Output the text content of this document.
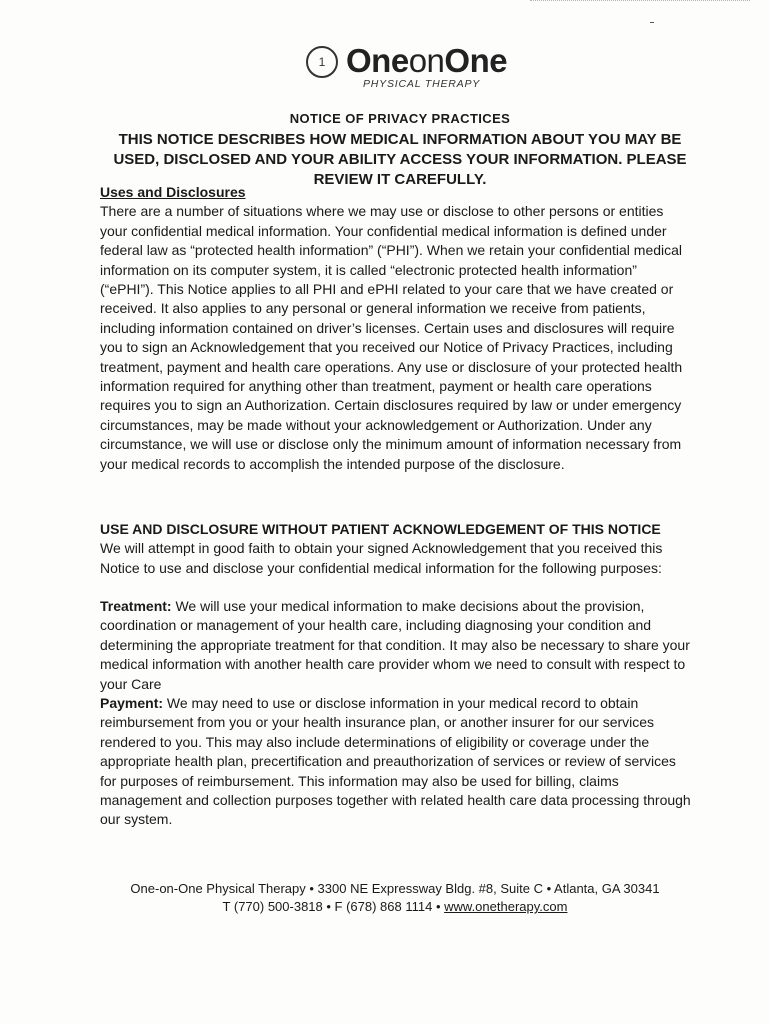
1 OneonOne
PHYSICAL THERAPY
NOTICE OF PRIVACY PRACTICES
THIS NOTICE DESCRIBES HOW MEDICAL INFORMATION ABOUT YOU MAY BE USED, DISCLOSED AND YOUR ABILITY ACCESS YOUR INFORMATION. PLEASE REVIEW IT CAREFULLY.
Uses and Disclosures
There are a number of situations where we may use or disclose to other persons or entities your confidential medical information. Your confidential medical information is defined under federal law as “protected health information” (“PHI”). When we retain your confidential medical information on its computer system, it is called “electronic protected health information” (“ePHI”). This Notice applies to all PHI and ePHI related to your care that we have created or received. It also applies to any personal or general information we receive from patients, including information contained on driver’s licenses. Certain uses and disclosures will require you to sign an Acknowledgement that you received our Notice of Privacy Practices, including treatment, payment and health care operations. Any use or disclosure of your protected health information required for anything other than treatment, payment or health care operations requires you to sign an Authorization. Certain disclosures required by law or under emergency circumstances, may be made without your acknowledgement or Authorization. Under any circumstance, we will use or disclose only the minimum amount of information necessary from your medical records to accomplish the intended purpose of the disclosure.
USE AND DISCLOSURE WITHOUT PATIENT ACKNOWLEDGEMENT OF THIS NOTICE
We will attempt in good faith to obtain your signed Acknowledgement that you received this Notice to use and disclose your confidential medical information for the following purposes:
Treatment: We will use your medical information to make decisions about the provision, coordination or management of your health care, including diagnosing your condition and determining the appropriate treatment for that condition. It may also be necessary to share your medical information with another health care provider whom we need to consult with respect to your Care
Payment: We may need to use or disclose information in your medical record to obtain reimbursement from you or your health insurance plan, or another insurer for our services rendered to you. This may also include determinations of eligibility or coverage under the appropriate health plan, precertification and preauthorization of services or review of services for purposes of reimbursement. This information may also be used for billing, claims management and collection purposes together with related health care data processing through our system.
One-on-One Physical Therapy • 3300 NE Expressway Bldg. #8, Suite C • Atlanta, GA 30341
T (770) 500-3818 • F (678) 868 1114 • www.onetherapy.com
